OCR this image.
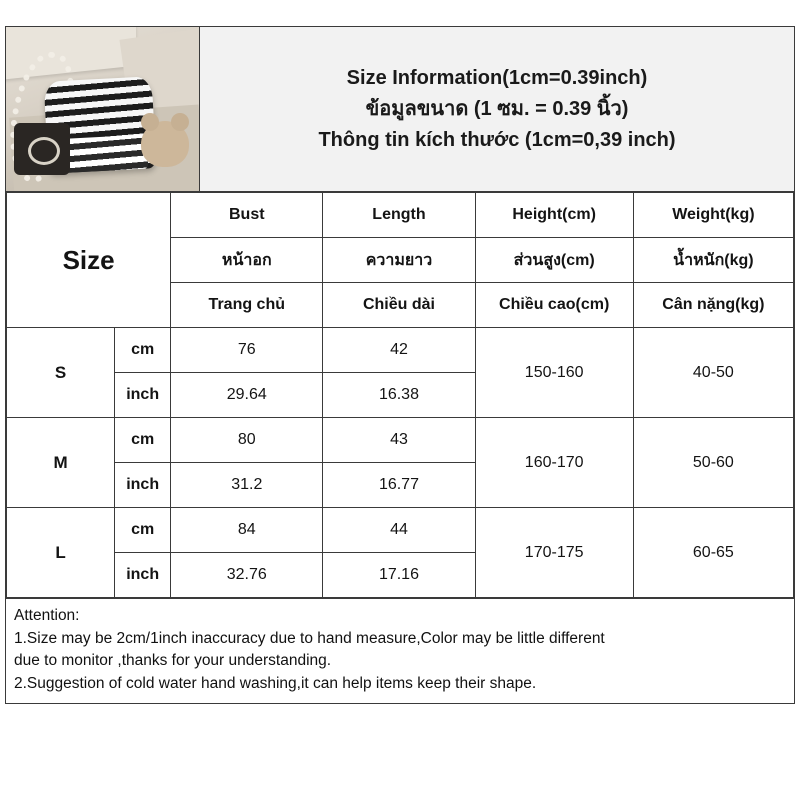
Size Information(1cm=0.39inch)
ข้อมูลขนาด (1 ซม. = 0.39 นิ้ว)
Thông tin kích thước (1cm=0,39 inch)
Size		Bust	Length	Height(cm)	Weight(kg)
		หน้าอก	ความยาว	ส่วนสูง(cm)	น้ำหนัก(kg)
		Trang chủ	Chiều dài	Chiều cao(cm)	Cân nặng(kg)
S	cm	76	42	150-160	40-50
	inch	29.64	16.38		
M	cm	80	43	160-170	50-60
	inch	31.2	16.77		
L	cm	84	44	170-175	60-65
	inch	32.76	17.16		
Attention:
1.Size may be 2cm/1inch inaccuracy due to hand measure,Color may be little different
due to monitor ,thanks for your understanding.
2.Suggestion of cold water hand washing,it can help items keep their shape.
